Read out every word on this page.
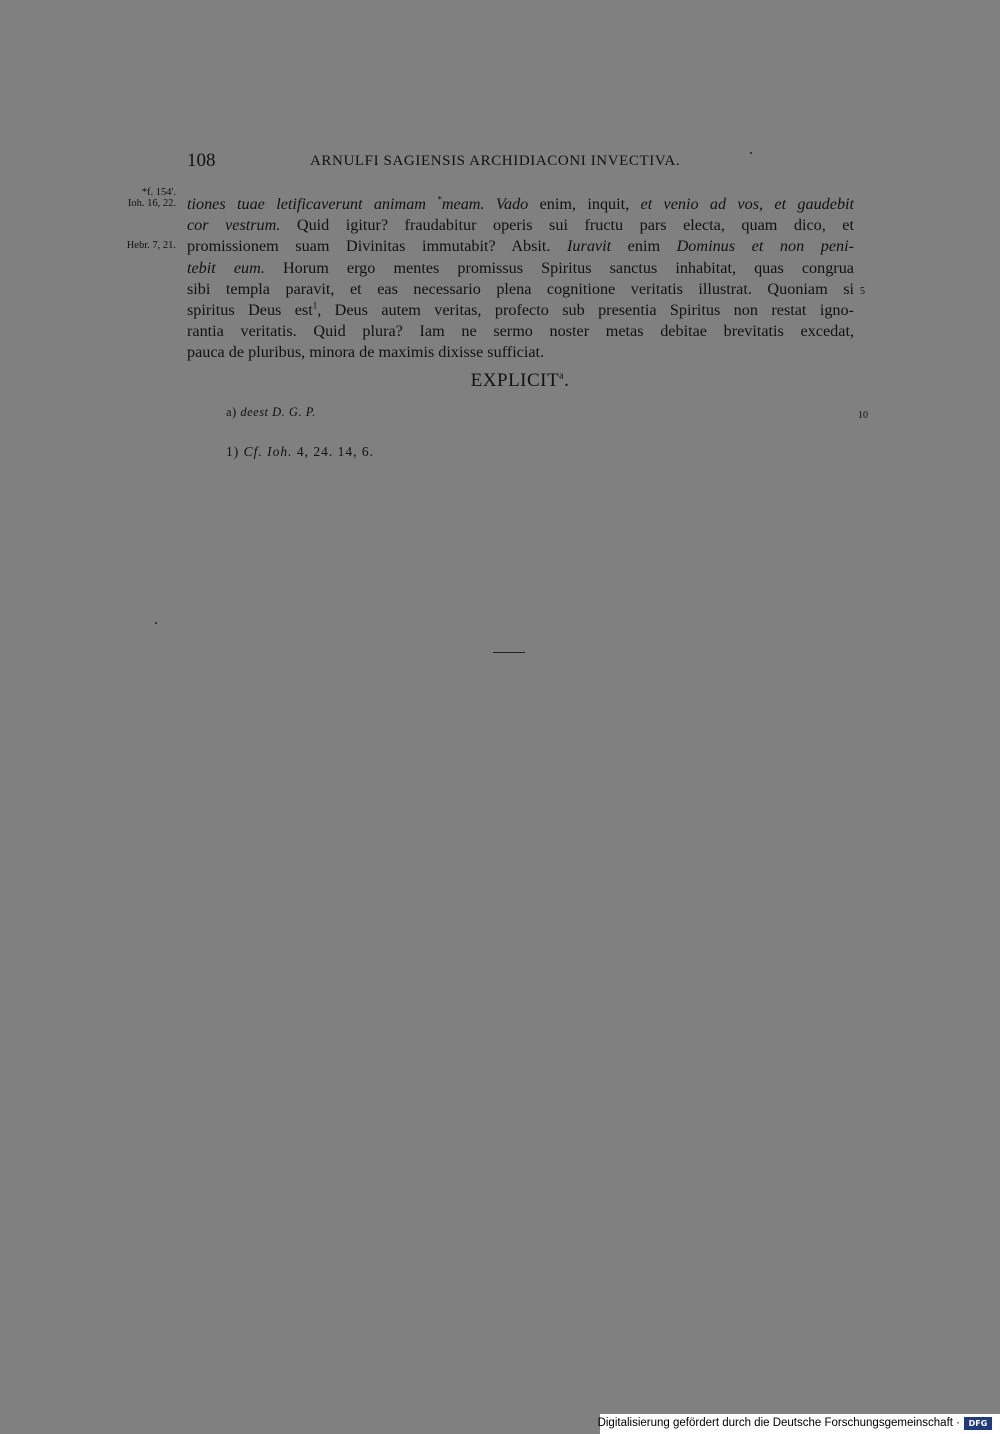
108	ARNULFI SAGIENSIS ARCHIDIACONI INVECTIVA.
*f. 154'.
Ioh. 16, 22.
Hebr. 7, 21.
tiones tuae letificaverunt animam *meam. Vado enim, inquit, et venio ad vos, et gaudebit
cor vestrum. Quid igitur? fraudabitur operis sui fructu pars electa, quam dico, et
promissionem suam Divinitas immutabit? Absit. Iuravit enim Dominus et non peni-
tebit eum. Horum ergo mentes promissus Spiritus sanctus inhabitat, quas congrua
sibi templa paravit, et eas necessario plena cognitione veritatis illustrat. Quoniam si 5
spiritus Deus est$^1$, Deus autem veritas, profecto sub presentia Spiritus non restat igno-
rantia veritatis. Quid plura? Iam ne sermo noster metas debitae brevitatis excedat,
pauca de pluribus, minora de maximis dixisse sufficiat.
EXPLICIT$^a$.
a) deest D. G. P.	10
1) Cf. Ioh. 4, 24. 14, 6.
Digitalisierung gefördert durch die Deutsche Forschungsgemeinschaft ·	DFG
